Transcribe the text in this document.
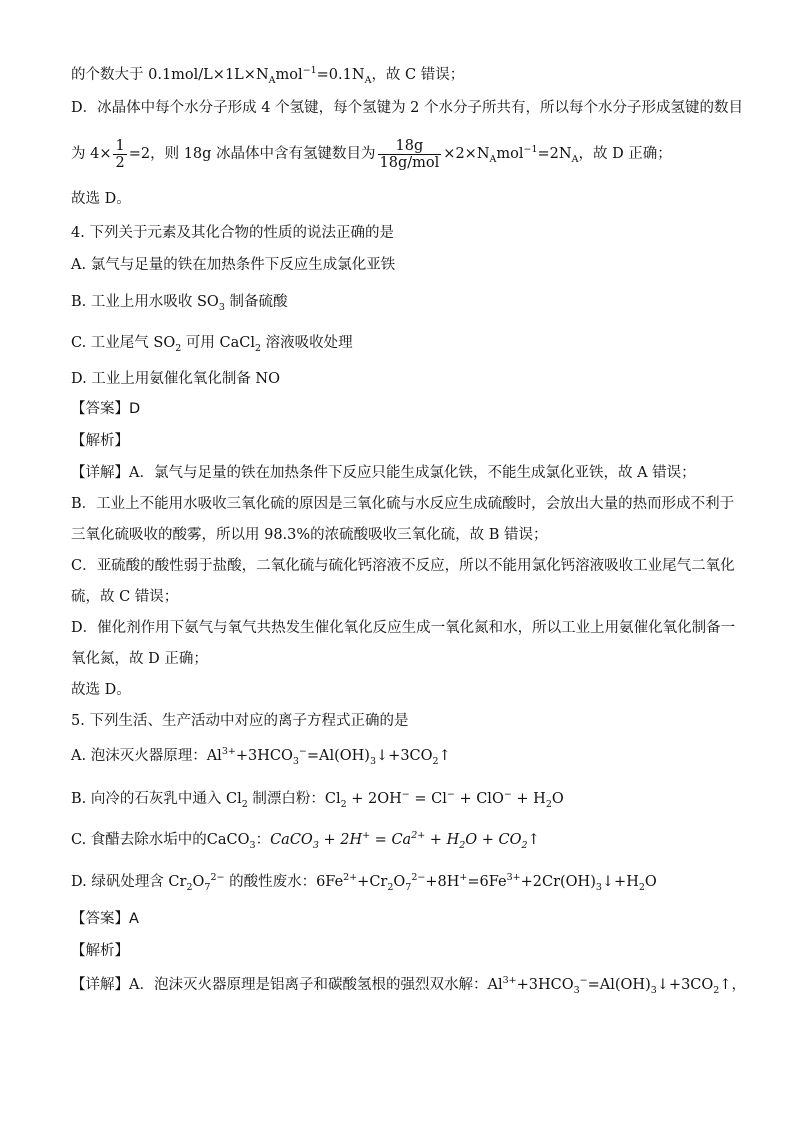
的个数大于 $0.1mol/L\times 1L\times N_Amol^{-1}=0.1N_A$，故 C 错误；
D．冰晶体中每个水分子形成 4 个氢键，每个氢键为 2 个水分子所共有，所以每个水分子形成氢键的数目
为 $4\times \frac{1}{2} =2$，则 18g 冰晶体中含有氢键数目为 $\frac{18g}{\text{18g/mol}} \times 2\times N_Amol^{-1}=2N_A$，故 D 正确；
故选 D。
4. 下列关于元素及其化合物的性质的说法正确的是
A. 氯气与足量的铁在加热条件下反应生成氯化亚铁
B. 工业上用水吸收 $SO_3$ 制备硫酸
C. 工业尾气 $SO_2$ 可用 CaCl$_2$ 溶液吸收处理
D. 工业上用氨催化氧化制备 NO
【答案】D
【解析】
【详解】A．氯气与足量的铁在加热条件下反应只能生成氯化铁，不能生成氯化亚铁，故 A 错误；
B．工业上不能用水吸收三氧化硫的原因是三氧化硫与水反应生成硫酸时，会放出大量的热而形成不利于
三氧化硫吸收的酸雾，所以用 98.3%的浓硫酸吸收三氧化硫，故 B 错误；
C．亚硫酸的酸性弱于盐酸，二氧化硫与硫化钙溶液不反应，所以不能用氯化钙溶液吸收工业尾气二氧化
硫，故 C 错误；
D．催化剂作用下氨气与氧气共热发生催化氧化反应生成一氧化氮和水，所以工业上用氨催化氧化制备一
氧化氮，故 D 正确；
故选 D。
5. 下列生活、生产活动中对应的离子方程式正确的是
A. 泡沫灭火器原理：$Al^{3+}+3HCO_3^-=Al(OH)_3↓+3CO_2↑$
B. 向冷的石灰乳中通入 $Cl_2$ 制漂白粉：$Cl_2 + 2OH^- = Cl^- + ClO^- + H_2O$
C. 食醋去除水垢中的CaCO$_3$：CaCO$_3$ + $2H^+ = Ca^{2+} + H_2O$ + $CO_2↑$
D. 绿矾处理含 $Cr_2O_7^{2-}$ 的酸性废水：$6Fe^{2+}+Cr_2O_7^{2-}+8H^+=6Fe^{3+}+2Cr(OH)_3↓+H_2O$
【答案】A
【解析】
【详解】A．泡沫灭火器原理是铝离子和碳酸氢根的强烈双水解：$Al^{3+}+3HCO_3^-=Al(OH)_3↓+3CO_2↑$，
